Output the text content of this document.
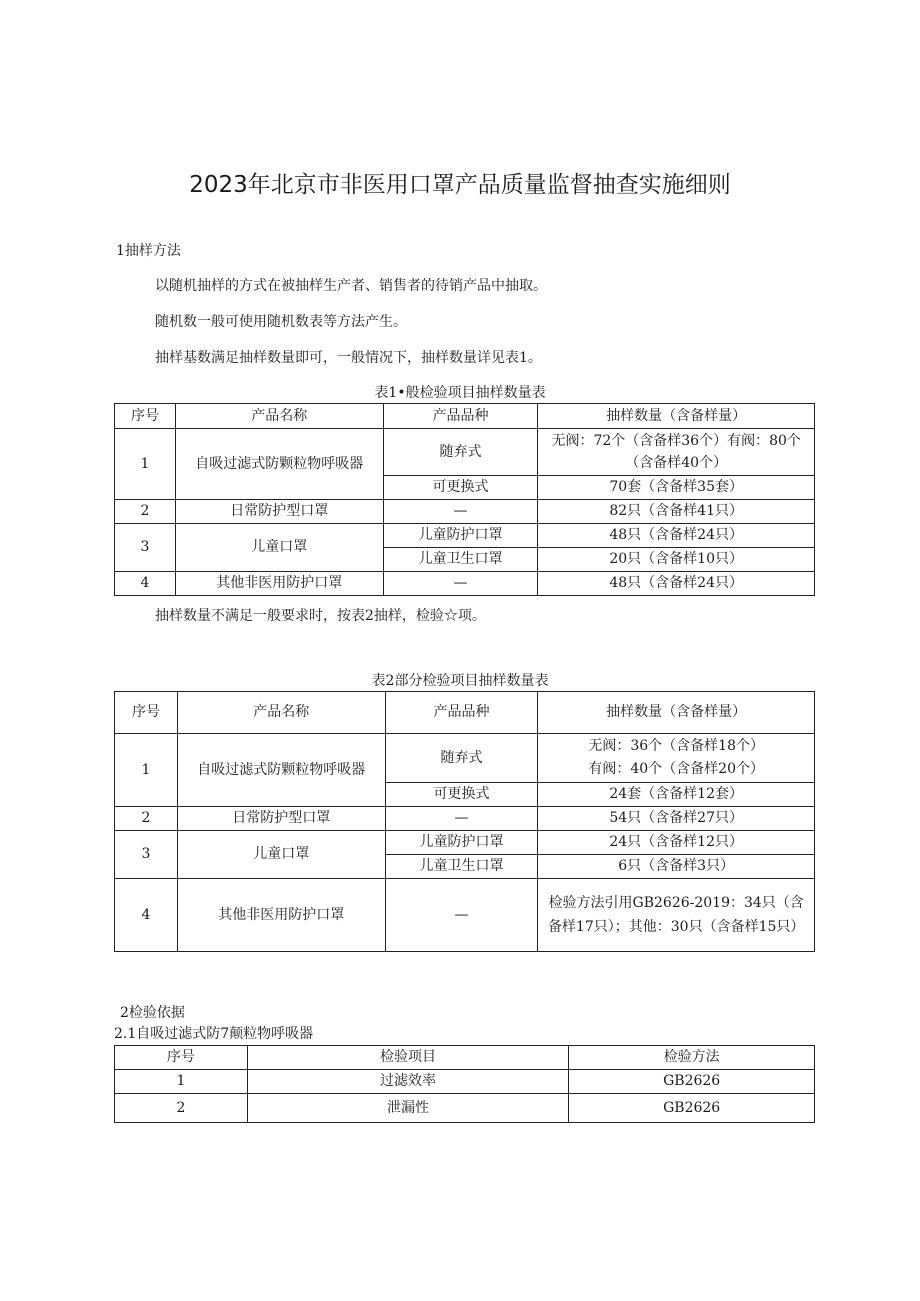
2023年北京市非医用口罩产品质量监督抽查实施细则
1抽样方法
以随机抽样的方式在被抽样生产者、销售者的待销产品中抽取。
随机数一般可使用随机数表等方法产生。
抽样基数满足抽样数量即可，一般情况下，抽样数量详见表1。
表1•般检验项目抽样数量表
序号	产品名称	产品品种	抽样数量（含备样量）
1	自吸过滤式防颗粒物呼吸器	随弃式	无阀：72个（含备样36个）有阀：80个（含备样40个）
		可更换式	70套（含备样35套）
2	日常防护型口罩	—	82只（含备样41只）
3	儿童口罩	儿童防护口罩	48只（含备样24只）
		儿童卫生口罩	20只（含备样10只）
4	其他非医用防护口罩	—	48只（含备样24只）
抽样数量不满足一般要求时，按表2抽样，检验☆项。
表2部分检验项目抽样数量表
序号	产品名称	产品品种	抽样数量（含备样量）
1	自吸过滤式防颗粒物呼吸器	随弃式	无阀：36个（含备样18个）
有阀：40个（含备样20个）
		可更换式	24套（含备样12套）
2	日常防护型口罩	—	54只（含备样27只）
3	儿童口罩	儿童防护口罩	24只（含备样12只）
		儿童卫生口罩	6只（含备样3只）
4	其他非医用防护口罩	—	检验方法引用GB2626-2019：34只（含备样17只）；其他：30只（含备样15只）
2检验依据
2.1自吸过滤式防7颠粒物呼吸器
序号	检验项目	检验方法
1	过滤效率	GB2626
2	泄漏性	GB2626
